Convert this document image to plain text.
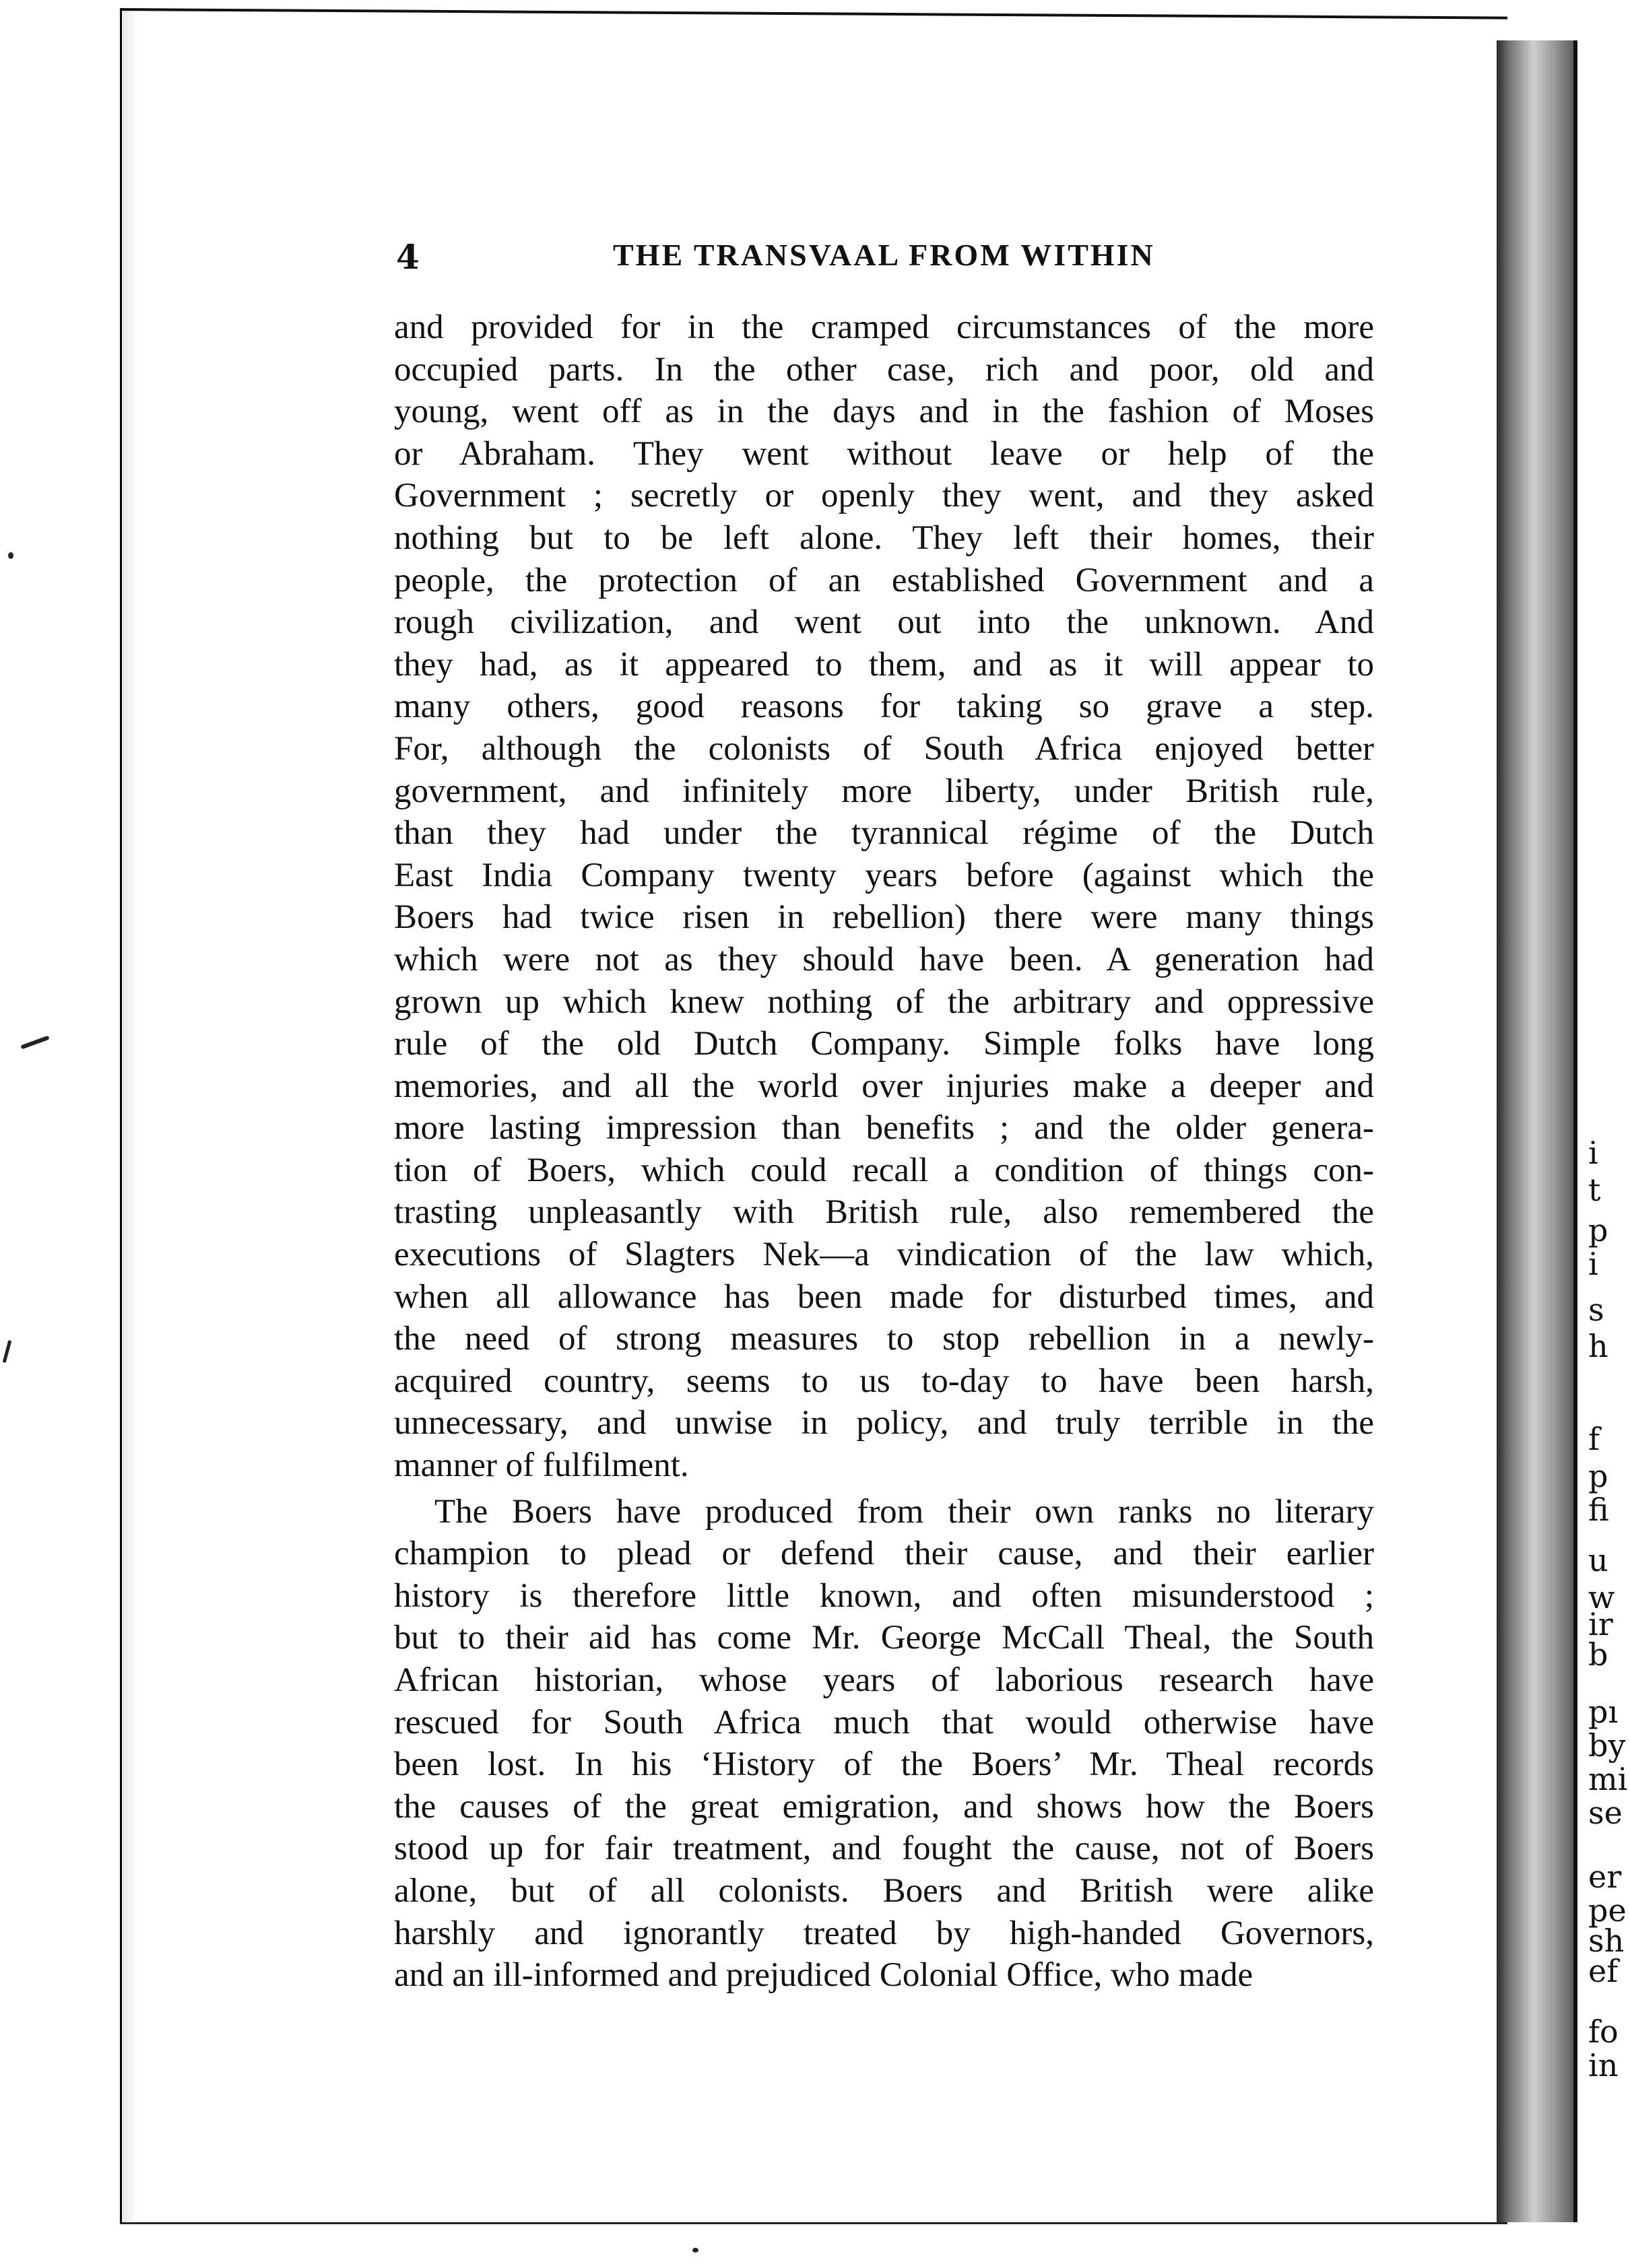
i
t
p
i
s
h
f
p
fi
u
w
ir
b
pı
by
mi
se
er
pe
sh
ef
fo
in
4	THE TRANSVAAL FROM WITHIN
and provided for in the cramped circumstances of the more
occupied parts. In the other case, rich and poor, old and
young, went off as in the days and in the fashion of Moses
or Abraham. They went without leave or help of the
Government ; secretly or openly they went, and they asked
nothing but to be left alone. They left their homes, their
people, the protection of an established Government and a
rough civilization, and went out into the unknown. And
they had, as it appeared to them, and as it will appear to
many others, good reasons for taking so grave a step.
For, although the colonists of South Africa enjoyed better
government, and infinitely more liberty, under British rule,
than they had under the tyrannical régime of the Dutch
East India Company twenty years before (against which the
Boers had twice risen in rebellion) there were many things
which were not as they should have been. A generation had
grown up which knew nothing of the arbitrary and oppressive
rule of the old Dutch Company. Simple folks have long
memories, and all the world over injuries make a deeper and
more lasting impression than benefits ; and the older genera-
tion of Boers, which could recall a condition of things con-
trasting unpleasantly with British rule, also remembered the
executions of Slagters Nek—a vindication of the law which,
when all allowance has been made for disturbed times, and
the need of strong measures to stop rebellion in a newly-
acquired country, seems to us to-day to have been harsh,
unnecessary, and unwise in policy, and truly terrible in the
manner of fulfilment.
The Boers have produced from their own ranks no literary
champion to plead or defend their cause, and their earlier
history is therefore little known, and often misunderstood ;
but to their aid has come Mr. George McCall Theal, the South
African historian, whose years of laborious research have
rescued for South Africa much that would otherwise have
been lost. In his ‘History of the Boers’ Mr. Theal records
the causes of the great emigration, and shows how the Boers
stood up for fair treatment, and fought the cause, not of Boers
alone, but of all colonists. Boers and British were alike
harshly and ignorantly treated by high-handed Governors,
and an ill-informed and prejudiced Colonial Office, who made
